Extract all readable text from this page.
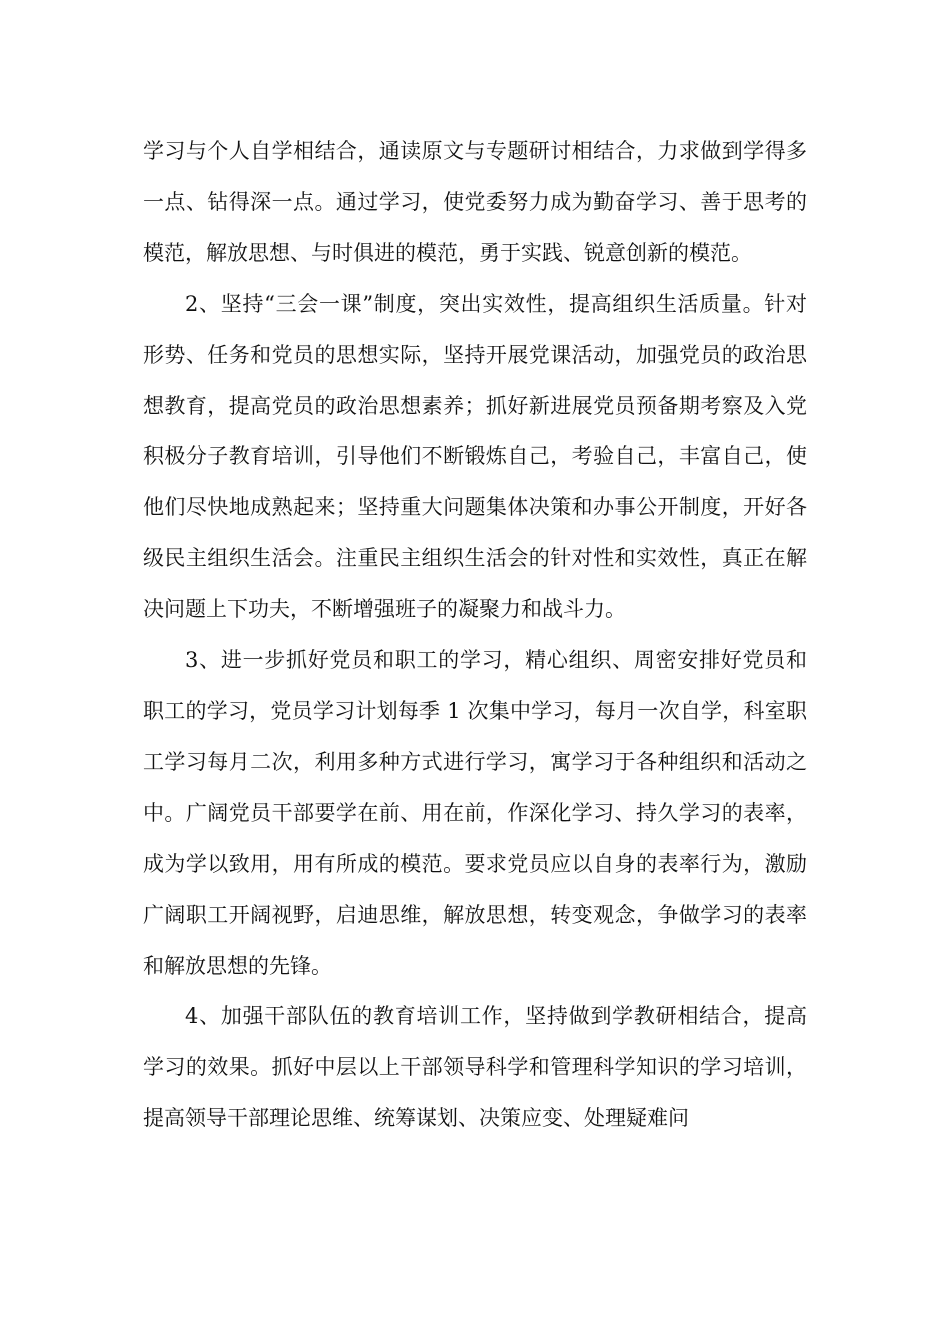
学习与个人自学相结合，通读原文与专题研讨相结合，力求做到学得多一点、钻得深一点。通过学习，使党委努力成为勤奋学习、善于思考的模范，解放思想、与时俱进的模范，勇于实践、锐意创新的模范。

2、坚持“三会一课”制度，突出实效性，提高组织生活质量。针对形势、任务和党员的思想实际，坚持开展党课活动，加强党员的政治思想教育，提高党员的政治思想素养；抓好新进展党员预备期考察及入党积极分子教育培训，引导他们不断锻炼自己，考验自己，丰富自己，使他们尽快地成熟起来；坚持重大问题集体决策和办事公开制度，开好各级民主组织生活会。注重民主组织生活会的针对性和实效性，真正在解决问题上下功夫，不断增强班子的凝聚力和战斗力。

3、进一步抓好党员和职工的学习，精心组织、周密安排好党员和职工的学习，党员学习计划每季 1 次集中学习，每月一次自学，科室职工学习每月二次，利用多种方式进行学习，寓学习于各种组织和活动之中。广阔党员干部要学在前、用在前，作深化学习、持久学习的表率，成为学以致用，用有所成的模范。要求党员应以自身的表率行为，激励广阔职工开阔视野，启迪思维，解放思想，转变观念，争做学习的表率和解放思想的先锋。

4、加强干部队伍的教育培训工作，坚持做到学教研相结合，提高学习的效果。抓好中层以上干部领导科学和管理科学知识的学习培训，提高领导干部理论思维、统筹谋划、决策应变、处理疑难问
